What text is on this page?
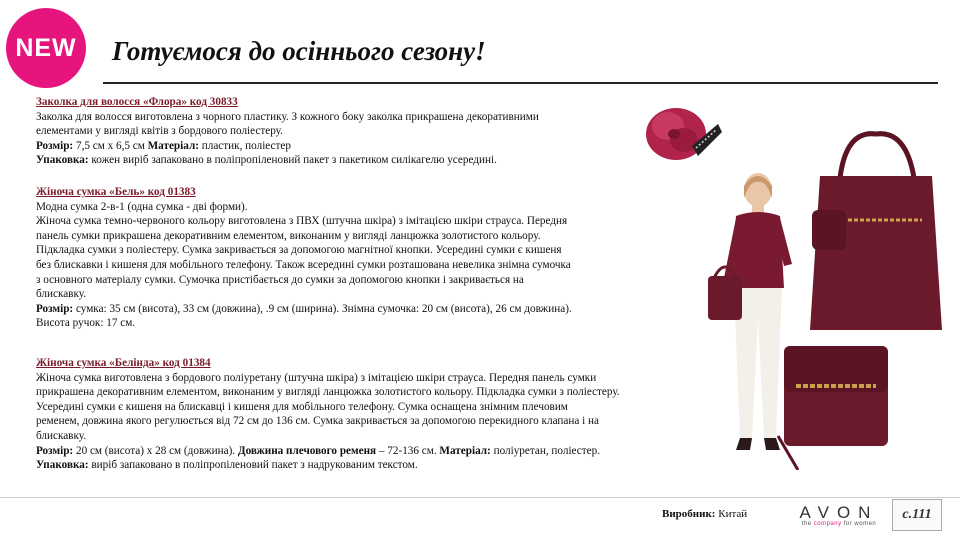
NEW Готуємося до осіннього сезону!

Заколка для волосся «Флора» код 30833

Заколка для волосся виготовлена з чорного пластику. З кожного боку заколка прикрашена декоративними

елементами у вигляді квітів з бордового поліестеру.

Розмір: 7,5 см х 6,5 см Матеріал: пластик, поліестер

Упаковка: кожен виріб запаковано в поліпропіленовий пакет з пакетиком силікагелю усередині.

Жіноча сумка «Бель» код 01383

Модна сумка 2-в-1 (одна сумка - дві форми).

Жіноча сумка темно-червоного кольору виготовлена з ПВХ (штучна шкіра) з імітацією шкіри страуса. Передня

панель сумки прикрашена декоративним елементом, виконаним у вигляді ланцюжка золотистого кольору.

Підкладка сумки з поліестеру. Сумка закривається за допомогою магнітної кнопки. Усередині сумки є кишеня

без блискавки і кишеня для мобільного телефону. Також всередині сумки розташована невелика знімна сумочка

з основного матеріалу сумки. Сумочка пристібається до сумки за допомогою кнопки і закривається на

блискавку.

Розмір: сумка: 35 см (висота), 33 см (довжина), .9 см (ширина). Знімна сумочка: 20 см (висота), 26 см довжина).

Висота ручок: 17 см.

Жіноча сумка «Белінда» код 01384

Жіноча сумка виготовлена з бордового поліуретану (штучна шкіра) з імітацією шкіри страуса. Передня панель сумки

прикрашена декоративним елементом, виконаним у вигляді ланцюжка золотистого кольору. Підкладка сумки з поліестеру.

Усередині сумки є кишеня на блискавці і кишеня для мобільного телефону. Сумка оснащена знімним плечовим

ременем, довжина якого регулюється від 72 см до 136 см. Сумка закривається за допомогою перекидного клапана і на

блискавку.

Розмір: 20 см (висота) х 28 см (довжина). Довжина плечового ременя – 72-136 см. Матеріал: поліуретан, поліестер.

Упаковка: виріб запаковано в поліпропіленовий пакет з надрукованим текстом.

Виробник: Китай	AVON
the company for women
с.111
